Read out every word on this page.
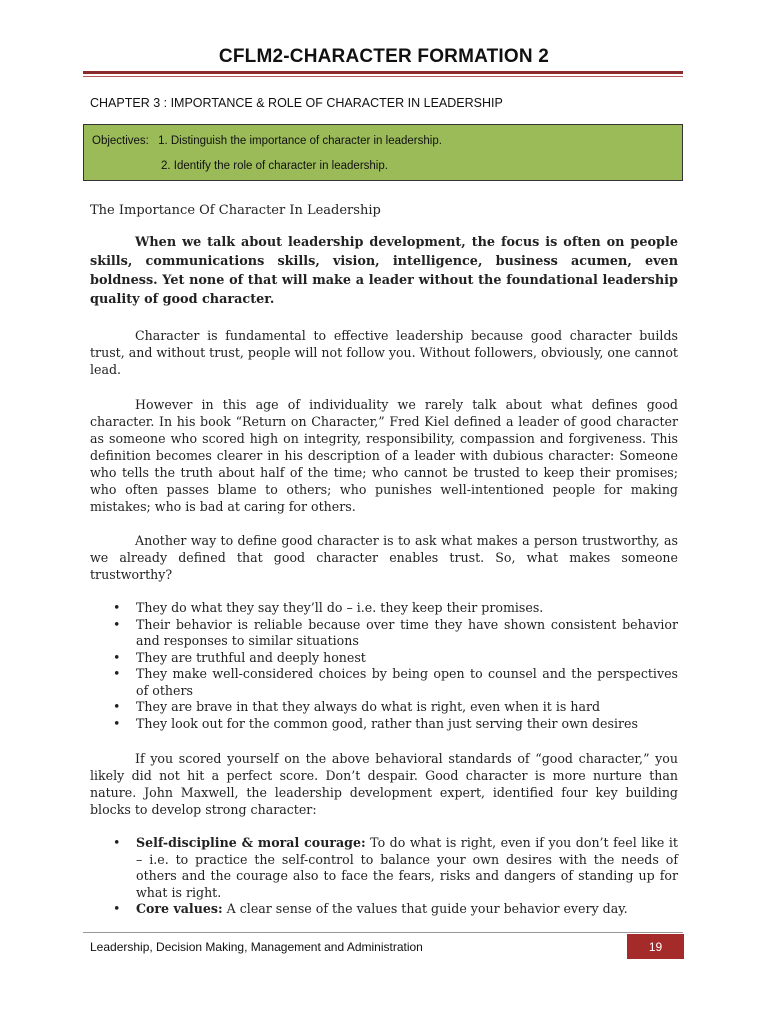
CFLM2-CHARACTER FORMATION 2
CHAPTER 3 : IMPORTANCE & ROLE OF CHARACTER IN LEADERSHIP
Objectives: 1. Distinguish the importance of character in leadership.
2. Identify the role of character in leadership.
The Importance Of Character In Leadership
When we talk about leadership development, the focus is often on people skills, communications skills, vision, intelligence, business acumen, even boldness. Yet none of that will make a leader without the foundational leadership quality of good character.
Character is fundamental to effective leadership because good character builds trust, and without trust, people will not follow you. Without followers, obviously, one cannot lead.
However in this age of individuality we rarely talk about what defines good character. In his book “Return on Character,” Fred Kiel defined a leader of good character as someone who scored high on integrity, responsibility, compassion and forgiveness. This definition becomes clearer in his description of a leader with dubious character: Someone who tells the truth about half of the time; who cannot be trusted to keep their promises; who often passes blame to others; who punishes well-intentioned people for making mistakes; who is bad at caring for others.
Another way to define good character is to ask what makes a person trustworthy, as we already defined that good character enables trust. So, what makes someone trustworthy?
• They do what they say they’ll do – i.e. they keep their promises.
• Their behavior is reliable because over time they have shown consistent behavior and responses to similar situations
• They are truthful and deeply honest
• They make well-considered choices by being open to counsel and the perspectives of others
• They are brave in that they always do what is right, even when it is hard
• They look out for the common good, rather than just serving their own desires
If you scored yourself on the above behavioral standards of “good character,” you likely did not hit a perfect score. Don’t despair. Good character is more nurture than nature. John Maxwell, the leadership development expert, identified four key building blocks to develop strong character:
• Self-discipline & moral courage: To do what is right, even if you don’t feel like it – i.e. to practice the self-control to balance your own desires with the needs of others and the courage also to face the fears, risks and dangers of standing up for what is right.
• Core values: A clear sense of the values that guide your behavior every day.
Leadership, Decision Making, Management and Administration	19
